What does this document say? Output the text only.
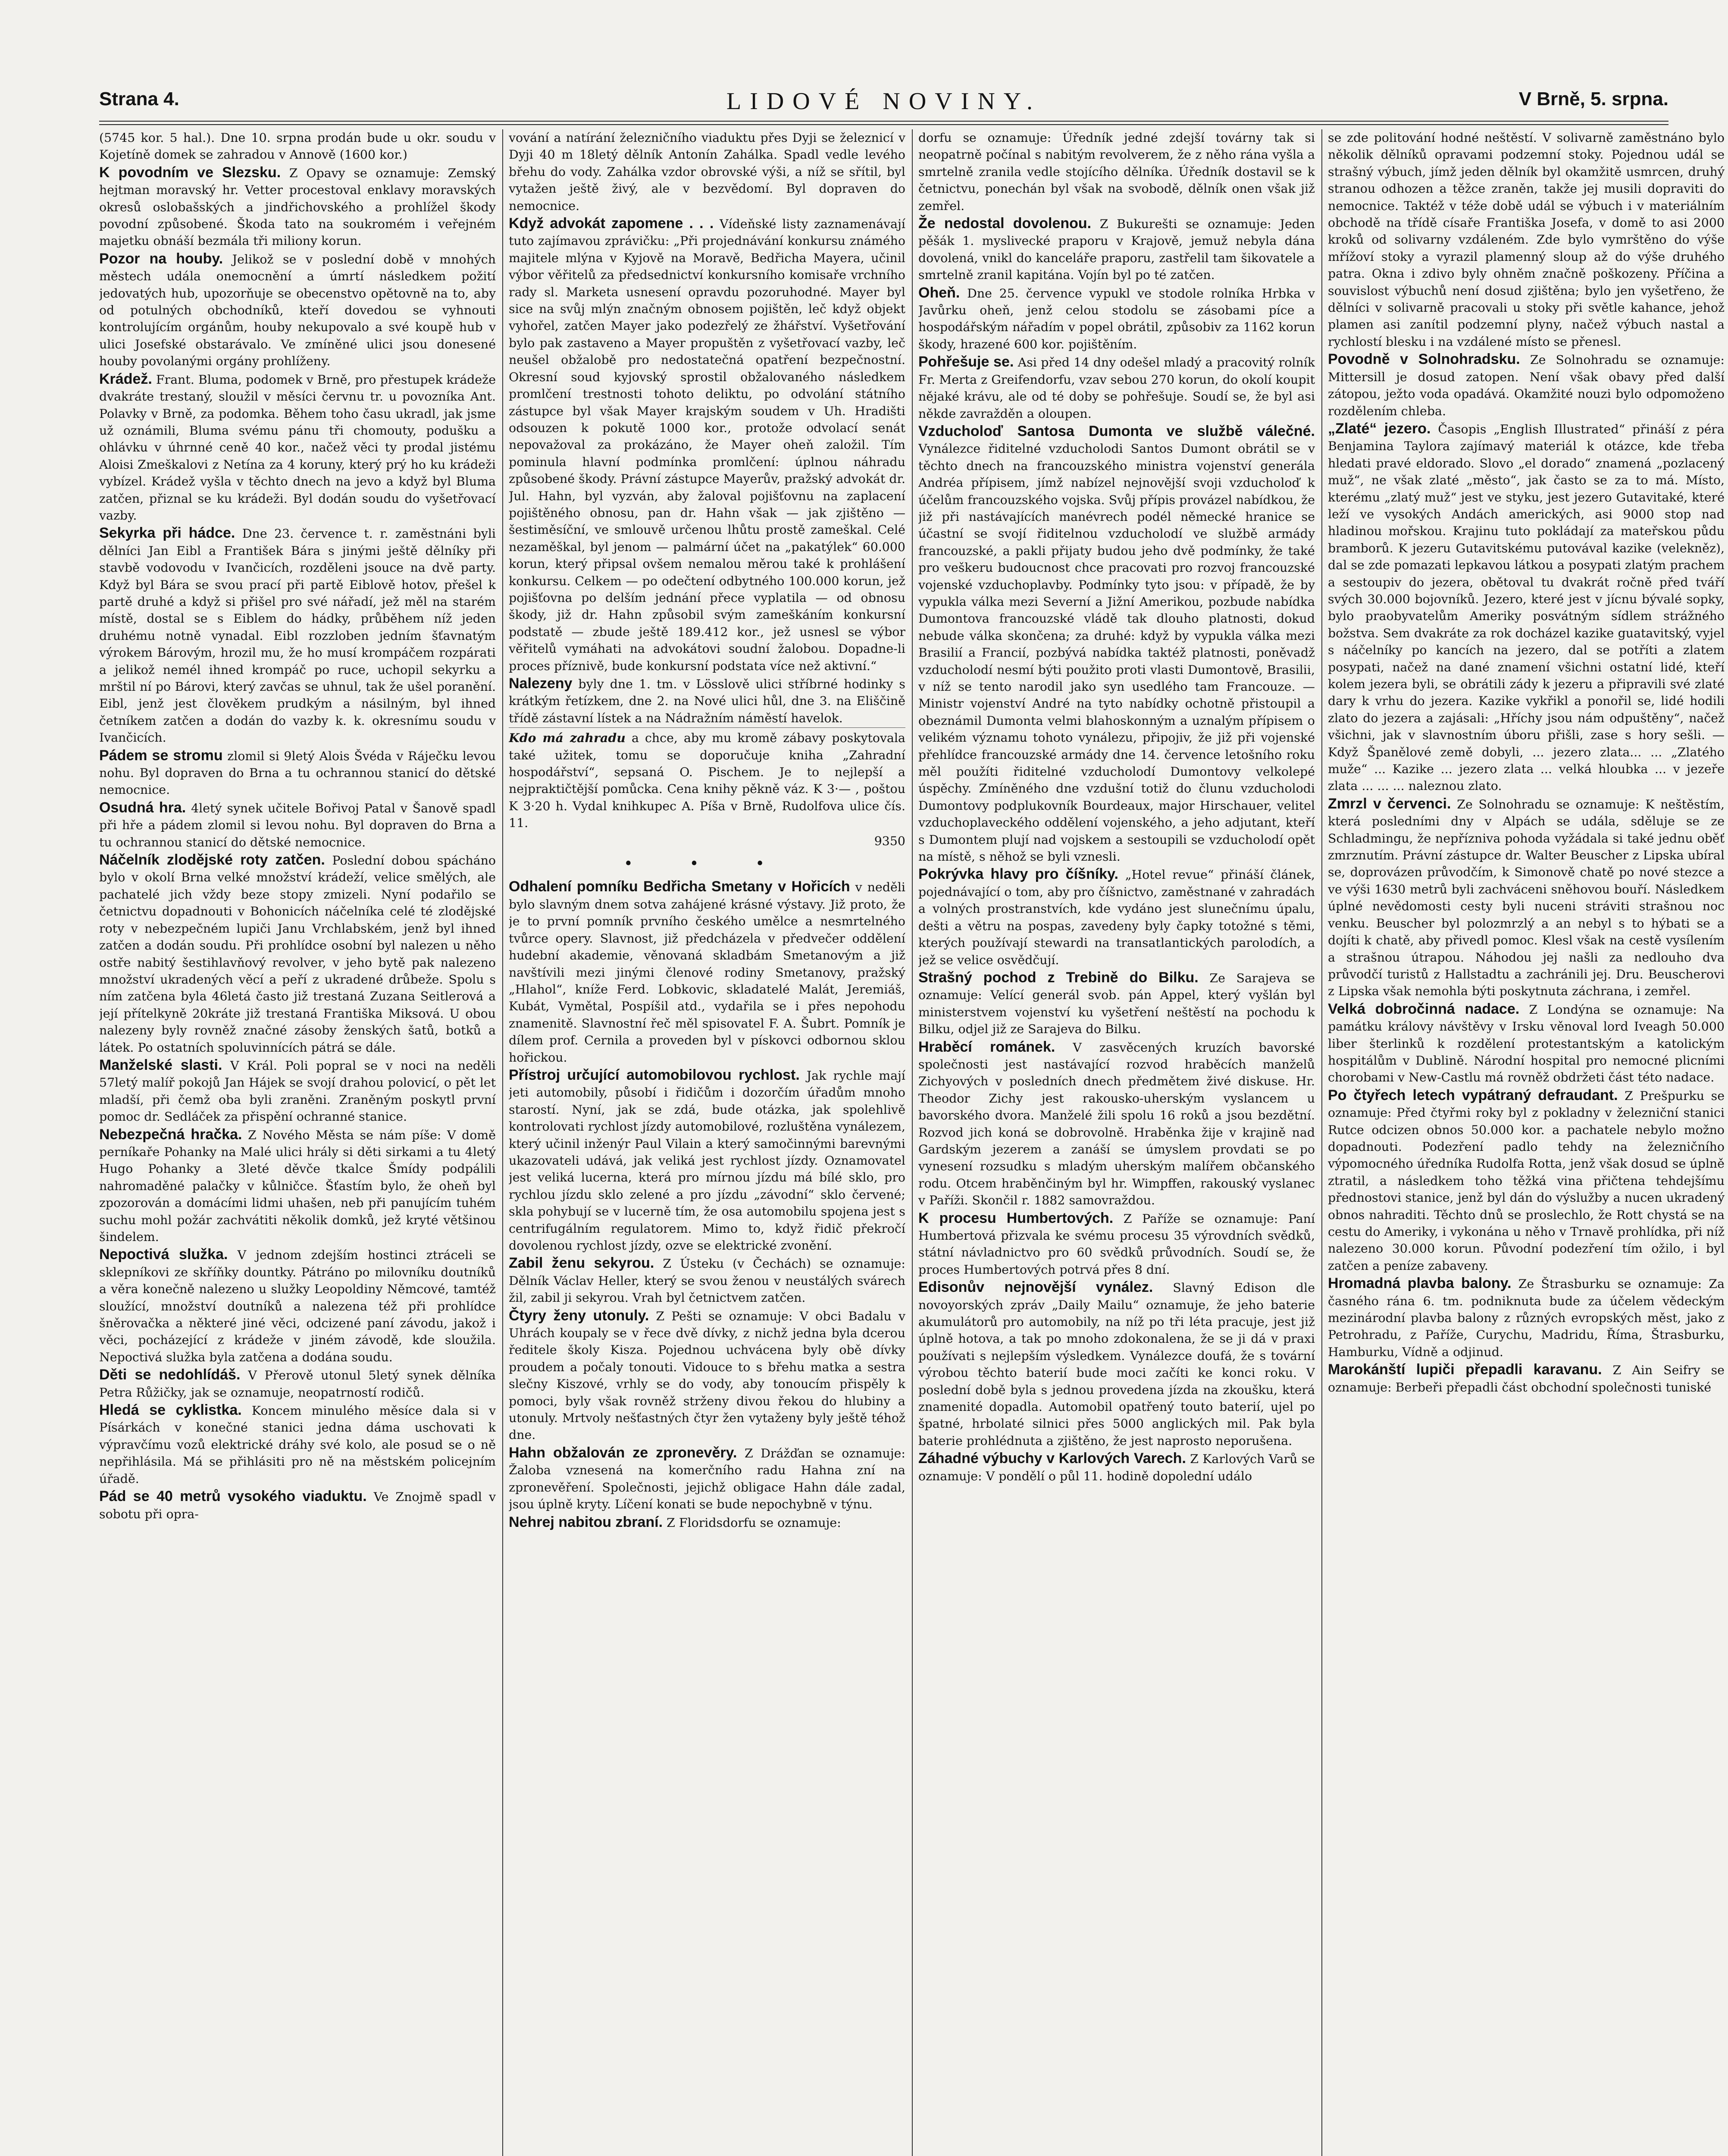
Strana 4.	LIDOVÉ NOVINY.	V Brně, 5. srpna.

(5745 kor. 5 hal.). Dne 10. srpna prodán bude u okr. soudu v Kojetíně domek se zahradou v Annově (1600 kor.)

K povodním ve Slezsku. Z Opavy se oznamuje: Zemský hejtman moravský hr. Vetter procestoval enklavy moravských okresů oslobašských a jindřichovského a prohlížel škody povodní způsobené. Škoda tato na soukromém i veřejném majetku obnáší bezmála tři miliony korun.

Pozor na houby. Jelikož se v poslední době v mnohých městech udála onemocnění a úmrtí následkem požití jedovatých hub, upozorňuje se obecenstvo opětovně na to, aby od potulných obchodníků, kteří dovedou se vyhnouti kontrolujícím orgánům, houby nekupovalo a své koupě hub v ulici Josefské obstarávalo. Ve zmíněné ulici jsou donesené houby povolanými orgány prohlíženy.

Krádež. Frant. Bluma, podomek v Brně, pro přestupek krádeže dvakráte trestaný, sloužil v měsíci červnu tr. u povozníka Ant. Polavky v Brně, za podomka. Během toho času ukradl, jak jsme už oznámili, Bluma svému pánu tři chomouty, podušku a ohlávku v úhrnné ceně 40 kor., načež věci ty prodal jistému Aloisi Zmeškalovi z Netína za 4 koruny, který prý ho ku krádeži vybízel. Krádež vyšla v těchto dnech na jevo a když byl Bluma zatčen, přiznal se ku krádeži. Byl dodán soudu do vyšetřovací vazby.

Sekyrka při hádce. Dne 23. července t. r. zaměstnáni byli dělníci Jan Eibl a František Bára s jinými ještě dělníky při stavbě vodovodu v Ivančicích, rozděleni jsouce na dvě party. Když byl Bára se svou prací při partě Eiblově hotov, přešel k partě druhé a když si přišel pro své nářadí, jež měl na starém místě, dostal se s Eiblem do hádky, průběhem níž jeden druhému notně vynadal. Eibl rozzloben jedním šťavnatým výrokem Bárovým, hrozil mu, že ho musí krompáčem rozpárati a jelikož nemél ihned krompáč po ruce, uchopil sekyrku a mrštil ní po Bárovi, který zavčas se uhnul, tak že ušel poranění. Eibl, jenž jest člověkem prudkým a násilným, byl ihned četníkem zatčen a dodán do vazby k. k. okresnímu soudu v Ivančicích.

Pádem se stromu zlomil si 9letý Alois Švéda v Ráječku levou nohu. Byl dopraven do Brna a tu ochrannou stanicí do dětské nemocnice.

Osudná hra. 4letý synek učitele Bořivoj Patal v Šanově spadl při hře a pádem zlomil si levou nohu. Byl dopraven do Brna a tu ochrannou stanicí do dětské nemocnice.

Náčelník zlodějské roty zatčen. Poslední dobou spácháno bylo v okolí Brna velké množství krádeží, velice smělých, ale pachatelé jich vždy beze stopy zmizeli. Nyní podařilo se četnictvu dopadnouti v Bohonicích náčelníka celé té zlodějské roty v nebezpečném lupiči Janu Vrchlabském, jenž byl ihned zatčen a dodán soudu. Při prohlídce osobní byl nalezen u něho ostře nabitý šestihlavňový revolver, v jeho bytě pak nalezeno množství ukradených věcí a peří z ukradené drůbeže. Spolu s ním zatčena byla 46letá často již trestaná Zuzana Seitlerová a její přítelkyně 20kráte již trestaná Františka Miksová. U obou nalezeny byly rovněž značné zásoby ženských šatů, botků a látek. Po ostatních spoluvinnících pátrá se dále.

Manželské slasti. V Král. Poli popral se v noci na neděli 57letý malíř pokojů Jan Hájek se svojí drahou polovicí, o pět let mladší, při čemž oba byli zraněni. Zraněným poskytl první pomoc dr. Sedláček za přispění ochranné stanice.

Nebezpečná hračka. Z Nového Města se nám píše: V domě perníkaře Pohanky na Malé ulici hrály si děti sirkami a tu 4letý Hugo Pohanky a 3leté děvče tkalce Šmídy podpálili nahromaděné palačky v kůlničce. Šťastím bylo, že oheň byl zpozorován a domácími lidmi uhašen, neb při panujícím tuhém suchu mohl požár zachvátiti několik domků, jež kryté většinou šindelem.

Nepoctivá služka. V jednom zdejším hostinci ztráceli se sklepníkovi ze skříňky dountky. Pátráno po milovníku doutníků a věra konečně nalezeno u služky Leopoldiny Němcové, tamtéž sloužící, množství doutníků a nalezena též při prohlídce šněrovačka a některé jiné věci, odcizené paní závodu, jakož i věci, pocházející z krádeže v jiném závodě, kde sloužila. Nepoctivá služka byla zatčena a dodána soudu.

Děti se nedohlídáš. V Přerově utonul 5letý synek dělníka Petra Růžičky, jak se oznamuje, neopatrností rodičů.

Hledá se cyklistka. Koncem minulého měsíce dala si v Písárkách v konečné stanici jedna dáma uschovati k výpravčímu vozů elektrické dráhy své kolo, ale posud se o ně nepřihlásila. Má se přihlásiti pro ně na městském policejním úřadě.

Pád se 40 metrů vysokého viaduktu. Ve Znojmě spadl v sobotu při opra-

vování a natírání železničního viaduktu přes Dyji se železnicí v Dyji 40 m 18letý dělník Antonín Zahálka. Spadl vedle levého břehu do vody. Zahálka vzdor obrovské výši, a níž se sřítil, byl vytažen ještě živý, ale v bezvědomí. Byl dopraven do nemocnice.

Když advokát zapomene . . . Vídeňské listy zaznamenávají tuto zajímavou zprávičku: „Při projednávání konkursu známého majitele mlýna v Kyjově na Moravě, Bedřicha Mayera, učinil výbor věřitelů za předsednictví konkursního komisaře vrchního rady sl. Marketa usnesení opravdu pozoruhodné. Mayer byl sice na svůj mlýn značným obnosem pojištěn, leč když objekt vyhořel, zatčen Mayer jako podezřelý ze žhářství. Vyšetřování bylo pak zastaveno a Mayer propuštěn z vyšetřovací vazby, leč neušel obžalobě pro nedostatečná opatření bezpečnostní. Okresní soud kyjovský sprostil obžalovaného následkem promlčení trestnosti tohoto deliktu, po odvolání státního zástupce byl však Mayer krajským soudem v Uh. Hradišti odsouzen k pokutě 1000 kor., protože odvolací senát nepovažoval za prokázáno, že Mayer oheň založil. Tím pominula hlavní podmínka promlčení: úplnou náhradu způsobené škody. Právní zástupce Mayerův, pražský advokát dr. Jul. Hahn, byl vyzván, aby žaloval pojišťovnu na zaplacení pojištěného obnosu, pan dr. Hahn však — jak zjištěno — šestiměsíční, ve smlouvě určenou lhůtu prostě zameškal. Celé nezaměškal, byl jenom — palmární účet na „pakatýlek“ 60.000 korun, který připsal ovšem nemalou měrou také k prohlášení konkursu. Celkem — po odečtení odbytného 100.000 korun, jež pojišťovna po delším jednání přece vyplatila — od obnosu škody, již dr. Hahn způsobil svým zameškáním konkursní podstatě — zbude ještě 189.412 kor., jež usnesl se výbor věřitelů vymáhati na advokátovi soudní žalobou. Dopadne-li proces příznivě, bude konkursní podstata více než aktivní.“

Nalezeny byly dne 1. tm. v Lösslově ulici stříbrné hodinky s krátkým řetízkem, dne 2. na Nové ulici hůl, dne 3. na Eliščině třídě zástavní lístek a na Nádražním náměstí havelok.

Kdo má zahradu a chce, aby mu kromě zábavy poskytovala také užitek, tomu se doporučuje kniha „Zahradní hospodářství“, sepsaná O. Pischem. Je to nejlepší a nejpraktičtější pomůcka. Cena knihy pěkně váz. K 3·— , poštou K 3·20 h. Vydal knihkupec A. Píša v Brně, Rudolfova ulice čís. 11.

9350
• • •

Odhalení pomníku Bedřicha Smetany v Hořicích v neděli bylo slavným dnem sotva zahájené krásné výstavy. Již proto, že je to první pomník prvního českého umělce a nesmrtelného tvůrce opery. Slavnost, již předcházela v předvečer oddělení hudební akademie, věnovaná skladbám Smetanovým a již navštívili mezi jinými členové rodiny Smetanovy, pražský „Hlahol“, kníže Ferd. Lobkovic, skladatelé Malát, Jeremiáš, Kubát, Vymětal, Pospíšil atd., vydařila se i přes nepohodu znamenitě. Slavnostní řeč měl spisovatel F. A. Šubrt. Pomník je dílem prof. Cernila a proveden byl v pískovci odbornou sklou hořickou.

Přístroj určující automobilovou rychlost. Jak rychle mají jeti automobily, působí i řidičům i dozorčím úřadům mnoho starostí. Nyní, jak se zdá, bude otázka, jak spolehlivě kontrolovati rychlost jízdy automobilové, rozluštěna vynálezem, který učinil inženýr Paul Vilain a který samočinnými barevnými ukazovateli udává, jak veliká jest rychlost jízdy. Oznamovatel jest veliká lucerna, která pro mírnou jízdu má bílé sklo, pro rychlou jízdu sklo zelené a pro jízdu „závodní“ sklo červené; skla pohybují se v lucerně tím, že osa automobilu spojena jest s centrifugálním regulatorem. Mimo to, když řidič překročí dovolenou rychlost jízdy, ozve se elektrické zvonění.

Zabil ženu sekyrou. Z Ústeku (v Čechách) se oznamuje: Dělník Václav Heller, který se svou ženou v neustálých svárech žil, zabil ji sekyrou. Vrah byl četnictvem zatčen.

Čtyry ženy utonuly. Z Pešti se oznamuje: V obci Badalu v Uhrách koupaly se v řece dvě dívky, z nichž jedna byla dcerou ředitele školy Kisza. Pojednou uchvácena byly obě dívky proudem a počaly tonouti. Vidouce to s břehu matka a sestra slečny Kiszové, vrhly se do vody, aby tonoucím přispěly k pomoci, byly však rovněž strženy divou řekou do hlubiny a utonuly. Mrtvoly nešťastných čtyr žen vytaženy byly ještě téhož dne.

Hahn obžalován ze zpronevěry. Z Drážďan se oznamuje: Žaloba vznesená na komerčního radu Hahna zní na zpronevěření. Společnosti, jejichž obligace Hahn dále zadal, jsou úplně kryty. Líčení konati se bude nepochybně v týnu.

Nehrej nabitou zbraní. Z Floridsdorfu se oznamuje:

dorfu se oznamuje: Úředník jedné zdejší továrny tak si neopatrně počínal s nabitým revolverem, že z něho rána vyšla a smrtelně zranila vedle stojícího dělníka. Úředník dostavil se k četnictvu, ponechán byl však na svobodě, dělník onen však již zemřel.

Že nedostal dovolenou. Z Bukurešti se oznamuje: Jeden pěšák 1. myslivecké praporu v Krajově, jemuž nebyla dána dovolená, vnikl do kanceláře praporu, zastřelil tam šikovatele a smrtelně zranil kapitána. Vojín byl po té zatčen.

Oheň. Dne 25. července vypukl ve stodole rolníka Hrbka v Javůrku oheň, jenž celou stodolu se zásobami píce a hospodářským nářadím v popel obrátil, způsobiv za 1162 korun škody, hrazené 600 kor. pojištěním.

Pohřešuje se. Asi před 14 dny odešel mladý a pracovitý rolník Fr. Merta z Greifendorfu, vzav sebou 270 korun, do okolí koupit nějaké krávu, ale od té doby se pohřešuje. Soudí se, že byl asi někde zavražděn a oloupen.

Vzducholoď Santosa Dumonta ve službě válečné. Vynálezce řiditelné vzducholodi Santos Dumont obrátil se v těchto dnech na francouzského ministra vojenství generála Andréa přípisem, jímž nabízel nejnovější svoji vzducholoď k účelům francouzského vojska. Svůj přípis provázel nabídkou, že již při nastávajících manévrech podél německé hranice se účastní se svojí řiditelnou vzducholodí ve službě armády francouzské, a pakli přijaty budou jeho dvě podmínky, že také pro veškeru budoucnost chce pracovati pro rozvoj francouzské vojenské vzduchoplavby. Podmínky tyto jsou: v případě, že by vypukla válka mezi Severní a Jižní Amerikou, pozbude nabídka Dumontova francouzské vládě tak dlouho platnosti, dokud nebude válka skončena; za druhé: když by vypukla válka mezi Brasilií a Francií, pozbývá nabídka taktéž platnosti, poněvadž vzducholodí nesmí býti použito proti vlasti Dumontově, Brasilii, v níž se tento narodil jako syn usedlého tam Francouze. — Ministr vojenství André na tyto nabídky ochotně přistoupil a obeznámil Dumonta velmi blahoskonným a uznalým přípisem o velikém významu tohoto vynálezu, připojiv, že již při vojenské přehlídce francouzské armády dne 14. července letošního roku měl použíti řiditelné vzducholodí Dumontovy velkolepé úspěchy. Zmíněného dne vzdušní totiž do člunu vzducholodi Dumontovy podplukovník Bourdeaux, major Hirschauer, velitel vzduchoplaveckého oddělení vojenského, a jeho adjutant, kteří s Dumontem plují nad vojskem a sestoupili se vzducholodí opět na místě, s něhož se byli vznesli.

Pokrývka hlavy pro číšníky. „Hotel revue“ přináší článek, pojednávající o tom, aby pro číšnictvo, zaměstnané v zahradách a volných prostranstvích, kde vydáno jest slunečnímu úpalu, dešti a větru na pospas, zavedeny byly čapky totožné s těmi, kterých používají stewardi na transatlantických parolodích, a jež se velice osvědčují.

Strašný pochod z Trebině do Bilku. Ze Sarajeva se oznamuje: Velící generál svob. pán Appel, který vyšlán byl ministerstvem vojenství ku vyšetření neštěstí na pochodu k Bilku, odjel již ze Sarajeva do Bilku.

Hraběcí románek. V zasvěcených kruzích bavorské společnosti jest nastávající rozvod hraběcích manželů Zichyových v posledních dnech předmětem živé diskuse. Hr. Theodor Zichy jest rakousko-uherským vyslancem u bavorského dvora. Manželé žili spolu 16 roků a jsou bezdětní. Rozvod jich koná se dobrovolně. Hraběnka žije v krajině nad Gardským jezerem a zanáší se úmyslem provdati se po vynesení rozsudku s mladým uherským malířem občanského rodu. Otcem hraběnčiným byl hr. Wimpffen, rakouský vyslanec v Paříži. Skončil r. 1882 samovraždou.

K procesu Humbertových. Z Paříže se oznamuje: Paní Humbertová přizvala ke svému procesu 35 výrovdních svědků, státní návladnictvo pro 60 svědků průvodních. Soudí se, že proces Humbertových potrvá přes 8 dní.

Edisonův nejnovější vynález. Slavný Edison dle novoyorských zpráv „Daily Mailu“ oznamuje, že jeho baterie akumulátorů pro automobily, na níž po tři léta pracuje, jest již úplně hotova, a tak po mnoho zdokonalena, že se ji dá v praxi používati s nejlepším výsledkem. Vynálezce doufá, že s tovární výrobou těchto baterií bude moci začíti ke konci roku. V poslední době byla s jednou provedena jízda na zkoušku, která znamenité dopadla. Automobil opatřený touto baterií, ujel po špatné, hrbolaté silnici přes 5000 anglických mil. Pak byla baterie prohlédnuta a zjištěno, že jest naprosto neporušena.

Záhadné výbuchy v Karlových Varech. Z Karlových Varů se oznamuje: V pondělí o půl 11. hodině dopolední událo

se zde politování hodné neštěstí. V solivarně zaměstnáno bylo několik dělníků opravami podzemní stoky. Pojednou udál se strašný výbuch, jímž jeden dělník byl okamžitě usmrcen, druhý stranou odhozen a těžce zraněn, takže jej musili dopraviti do nemocnice. Taktéž v téže době udál se výbuch i v materiálním obchodě na třídě císaře Františka Josefa, v domě to asi 2000 kroků od solivarny vzdáleném. Zde bylo vymrštěno do výše mřížoví stoky a vyrazil plamenný sloup až do výše druhého patra. Okna i zdivo byly ohněm značně poškozeny. Příčina a souvislost výbuchů není dosud zjištěna; bylo jen vyšetřeno, že dělníci v solivarně pracovali u stoky při světle kahance, jehož plamen asi zanítil podzemní plyny, načež výbuch nastal a rychlostí blesku i na vzdálené místo se přenesl.

Povodně v Solnohradsku. Ze Solnohradu se oznamuje: Mittersill je dosud zatopen. Není však obavy před další zátopou, ježto voda opadává. Okamžité nouzi bylo odpomoženo rozdělením chleba.

„Zlaté“ jezero. Časopis „English Illustrated“ přináší z péra Benjamina Taylora zajímavý materiál k otázce, kde třeba hledati pravé eldorado. Slovo „el dorado“ znamená „pozlacený muž“, ne však zlaté „město“, jak často se za to má. Místo, kterému „zlatý muž“ jest ve styku, jest jezero Gutavitaké, které leží ve vysokých Andách amerických, asi 9000 stop nad hladinou mořskou. Krajinu tuto pokládají za mateřskou půdu bramborů. K jezeru Gutavitskému putovával kazike (velekněz), dal se zde pomazati lepkavou látkou a posypati zlatým prachem a sestoupiv do jezera, obětoval tu dvakrát ročně před tváří svých 30.000 bojovníků. Jezero, které jest v jícnu bývalé sopky, bylo praobyvatelům Ameriky posvátným sídlem strážného božstva. Sem dvakráte za rok docházel kazike guatavitský, vyjel s náčelníky po kancích na jezero, dal se potříti a zlatem posypati, načež na dané znamení všichni ostatní lidé, kteří kolem jezera byli, se obrátili zády k jezeru a připravili své zlaté dary k vrhu do jezera. Kazike vykřikl a ponořil se, lidé hodili zlato do jezera a zajásali: „Hříchy jsou nám odpuštěny“, načež všichni, jak v slavnostním úboru přišli, zase s hory sešli. — Když Španělové země dobyli, ... jezero zlata... ... „Zlatého muže“ ... Kazike ... jezero zlata ... velká hloubka ... v jezeře zlata ... ... ... naleznou zlato.

Zmrzl v červenci. Ze Solnohradu se oznamuje: K neštěstím, která posledními dny v Alpách se udála, sděluje se ze Schladmingu, že nepřízniva pohoda vyžádala si také jednu oběť zmrznutím. Právní zástupce dr. Walter Beuscher z Lipska ubíral se, doprovázen průvodčím, k Simonově chatě po nové stezce a ve výši 1630 metrů byli zachváceni sněhovou bouří. Následkem úplné nevědomosti cesty byli nuceni stráviti strašnou noc venku. Beuscher byl polozmrzlý a an nebyl s to hýbati se a dojíti k chatě, aby přivedl pomoc. Klesl však na cestě vysílením a strašnou útrapou. Náhodou jej našli za nedlouho dva průvodčí turistů z Hallstadtu a zachránili jej. Dru. Beuscherovi z Lipska však nemohla býti poskytnuta záchrana, i zemřel.

Velká dobročinná nadace. Z Londýna se oznamuje: Na památku královy návštěvy v Irsku věnoval lord Iveagh 50.000 liber šterlinků k rozdělení protestantským a katolickým hospitálům v Dublině. Národní hospital pro nemocné plicními chorobami v New-Castlu má rovněž obdržeti část této nadace.

Po čtyřech letech vypátraný defraudant. Z Prešpurku se oznamuje: Před čtyřmi roky byl z pokladny v železniční stanici Rutce odcizen obnos 50.000 kor. a pachatele nebylo možno dopadnouti. Podezření padlo tehdy na železničního výpomocného úředníka Rudolfa Rotta, jenž však dosud se úplně ztratil, a následkem toho těžká vina přičtena tehdejšímu přednostovi stanice, jenž byl dán do výslužby a nucen ukradený obnos nahraditi. Těchto dnů se proslechlo, že Rott chystá se na cestu do Ameriky, i vykonána u něho v Trnavě prohlídka, při níž nalezeno 30.000 korun. Původní podezření tím ožilo, i byl zatčen a peníze zabaveny.

Hromadná plavba balony. Ze Štrasburku se oznamuje: Za časného rána 6. tm. podniknuta bude za účelem vědeckým mezinárodní plavba balony z různých evropských měst, jako z Petrohradu, z Paříže, Curychu, Madridu, Říma, Štrasburku, Hamburku, Vídně a odjinud.

Marokánští lupiči přepadli karavanu. Z Ain Seifry se oznamuje: Berbeři přepadli část obchodní společnosti tuniské
